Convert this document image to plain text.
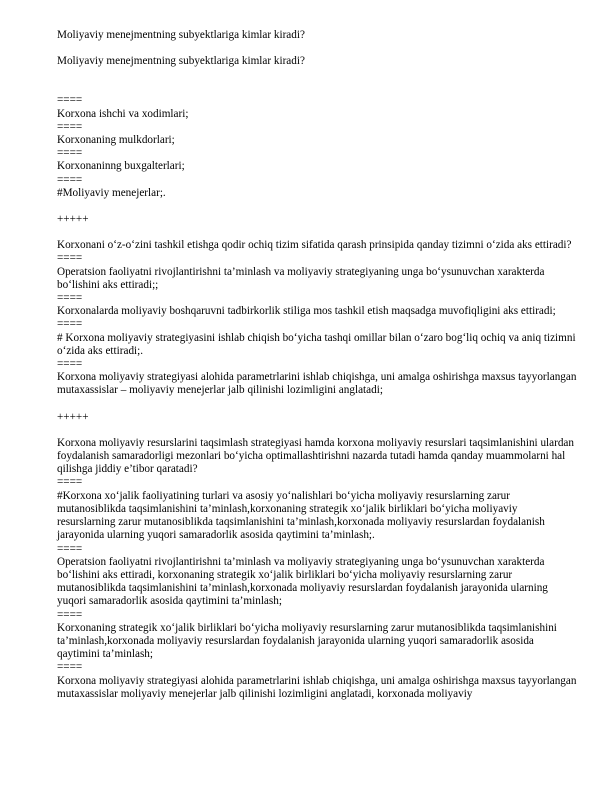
Moliyaviy menejmentning subyektlariga kimlar kiradi?

Moliyaviy menejmentning subyektlariga kimlar kiradi?

====

Korxona ishchi va xodimlari;

====

Korxonaning mulkdorlari;

====

Korxonaninng buxgalterlari;

====

#Moliyaviy menejerlar;.

+++++

Korxonani o‘z-o‘zini tashkil etishga qodir ochiq tizim sifatida qarash prinsipida qanday tizimni o‘zida aks ettiradi?

====

Operatsion faoliyatni rivojlantirishni ta’minlash va moliyaviy strategiyaning unga bo‘ysunuvchan xarakterda bo‘lishini aks ettiradi;;

====

Korxonalarda moliyaviy boshqaruvni tadbirkorlik stiliga mos tashkil etish maqsadga muvofiqligini aks ettiradi;

====

# Korxona moliyaviy strategiyasini ishlab chiqish bo‘yicha tashqi omillar bilan o‘zaro bog‘liq ochiq va aniq tizimni o‘zida aks ettiradi;.

====

Korxona moliyaviy strategiyasi alohida parametrlarini ishlab chiqishga, uni amalga oshirishga maxsus tayyorlangan mutaxassislar – moliyaviy menejerlar jalb qilinishi lozimligini anglatadi;

+++++

Korxona moliyaviy resurslarini taqsimlash strategiyasi hamda korxona moliyaviy resurslari taqsimlanishini ulardan foydalanish samaradorligi mezonlari bo‘yicha optimallashtirishni nazarda tutadi hamda qanday muammolarni hal qilishga jiddiy e’tibor qaratadi?

====

#Korxona xo‘jalik faoliyatining turlari va asosiy yo‘nalishlari bo‘yicha moliyaviy resurslarning zarur mutanosiblikda taqsimlanishini ta’minlash,korxonaning strategik xo‘jalik birliklari bo‘yicha moliyaviy resurslarning zarur mutanosiblikda taqsimlanishini ta’minlash,korxonada moliyaviy resurslardan foydalanish jarayonida ularning yuqori samaradorlik asosida qaytimini ta’minlash;.

====

Operatsion faoliyatni rivojlantirishni ta’minlash va moliyaviy strategiyaning unga bo‘ysunuvchan xarakterda bo‘lishini aks ettiradi, korxonaning strategik xo‘jalik birliklari bo‘yicha moliyaviy resurslarning zarur mutanosiblikda taqsimlanishini ta’minlash,korxonada moliyaviy resurslardan foydalanish jarayonida ularning yuqori samaradorlik asosida qaytimini ta’minlash;

====

Korxonaning strategik xo‘jalik birliklari bo‘yicha moliyaviy resurslarning zarur mutanosiblikda taqsimlanishini ta’minlash,korxonada moliyaviy resurslardan foydalanish jarayonida ularning yuqori samaradorlik asosida qaytimini ta’minlash;

====

Korxona moliyaviy strategiyasi alohida parametrlarini ishlab chiqishga, uni amalga oshirishga maxsus tayyorlangan mutaxassislar moliyaviy menejerlar jalb qilinishi lozimligini anglatadi, korxonada moliyaviy
